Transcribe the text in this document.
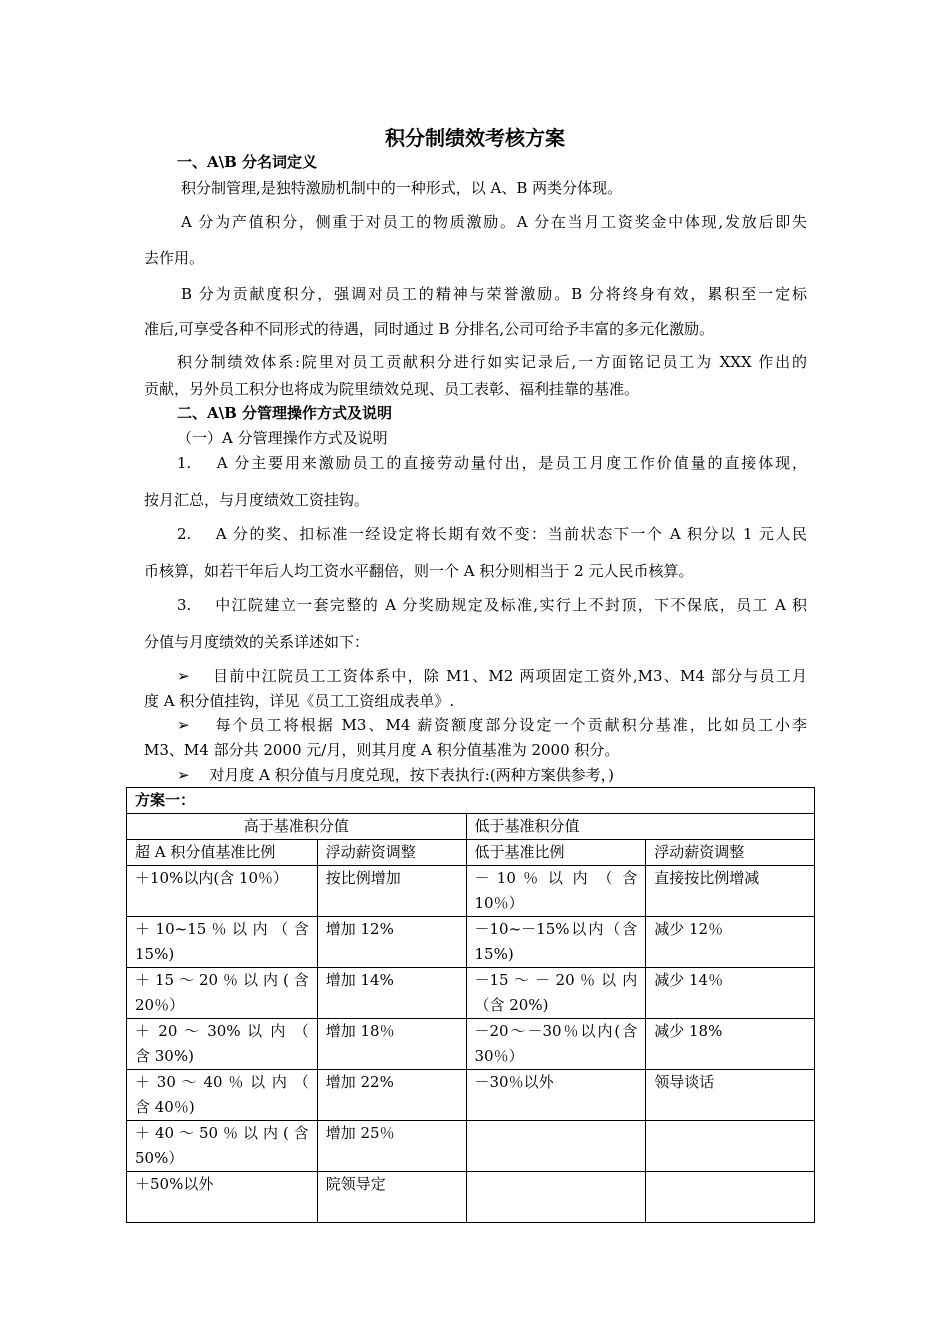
积分制绩效考核方案

一、A\B 分名词定义

积分制管理,是独特激励机制中的一种形式，以 A、B 两类分体现。

A 分为产值积分，侧重于对员工的物质激励。A 分在当月工资奖金中体现,发放后即失

去作用。

B 分为贡献度积分，强调对员工的精神与荣誉激励。B 分将终身有效，累积至一定标

准后,可享受各种不同形式的待遇，同时通过 B 分排名,公司可给予丰富的多元化激励。

积分制绩效体系:院里对员工贡献积分进行如实记录后,一方面铭记员工为 XXX 作出的

贡献，另外员工积分也将成为院里绩效兑现、员工表彰、福利挂靠的基准。

二、A\B 分管理操作方式及说明

（一）A 分管理操作方式及说明

1.　 A 分主要用来激励员工的直接劳动量付出，是员工月度工作价值量的直接体现，

按月汇总，与月度绩效工资挂钩。

2.　 A 分的奖、扣标准一经设定将长期有效不变：当前状态下一个 A 积分以 1 元人民

币核算，如若干年后人均工资水平翻倍，则一个 A 积分则相当于 2 元人民币核算。

3.　 中江院建立一套完整的 A 分奖励规定及标准,实行上不封顶，下不保底，员工 A 积

分值与月度绩效的关系详述如下：

➢　 目前中江院员工工资体系中，除 M1、M2 两项固定工资外,M3、M4 部分与员工月

度 A 积分值挂钩，详见《员工工资组成表单》.

➢　 每个员工将根据 M3、M4 薪资额度部分设定一个贡献积分基准，比如员工小李

M3、M4 部分共 2000 元/月，则其月度 A 积分值基准为 2000 积分。

➢　 对月度 A 积分值与月度兑现，按下表执行:(两种方案供参考，)

方案一：			
高于基准积分值		低于基准积分值	
超 A 积分值基准比例	浮动薪资调整	低于基准比例	浮动薪资调整
＋10%以内(含 10％）	按比例增加	－ 10 ％ 以 内 （ 含 10％）	直接按比例增减
＋ 10~15 ％ 以 内 （ 含 15%)	增加 12%	－10~－15%以内（含 15%)	减少 12％
＋ 15 ～ 20 ％ 以 内 ( 含 20％）	增加 14%	－15 ～ － 20 ％ 以 内 （含 20%)	减少 14％
＋ 20 ～ 30% 以 内 （ 含 30%)	增加 18％	－20～－30％以内(含 30％）	减少 18%
＋ 30 ～ 40 ％ 以 内 （ 含 40％)	增加 22%	－30％以外	领导谈话
＋ 40 ～ 50 ％ 以 内 ( 含 50%）	增加 25％		
＋50%以外	院领导定		
